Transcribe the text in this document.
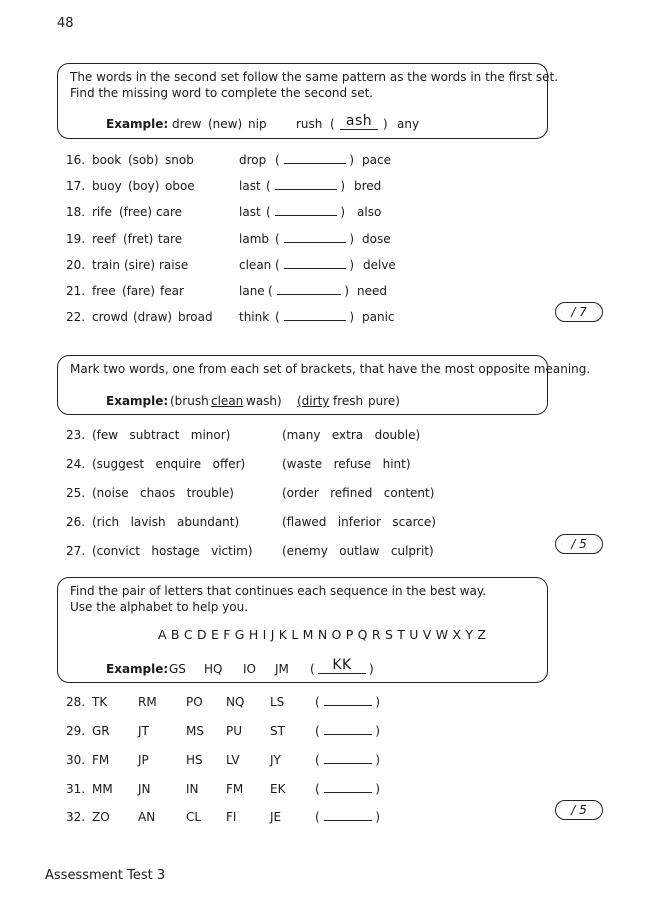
48
The words in the second set follow the same pattern as the words in the first set.
Find the missing word to complete the second set.
Example: drew (new) nip rush ( ash ) any
16. book (sob) snob	drop (	) pace
17. buoy (boy) oboe	last (	) bred
18. rife (free) care	last (	) also
19. reef (fret) tare	lamb (	) dose
20. train (sire) raise	clean (	) delve
21. free (fare) fear	lane (	) need
22. crowd (draw) broad think (	) panic	/ 7
Mark two words, one from each set of brackets, that have the most opposite meaning.
Example: (brush clean wash) (dirty fresh pure)
23. (few   subtract   minor)	(many   extra   double)
24. (suggest   enquire   offer)	(waste   refuse   hint)
25. (noise   chaos   trouble)	(order   refined   content)
26. (rich   lavish   abundant)	(flawed   inferior   scarce)
27. (convict   hostage   victim) (enemy   outlaw   culprit)	/ 5
Find the pair of letters that continues each sequence in the best way.
Use the alphabet to help you.
A B C D E F G H I J K L M N O P Q R S T U V W X Y Z
Example: GS HQ IO JM (	KK	)
28. TK	RM PO NQ LS	(	)
29. GR JT	MS PU ST	(	)
30. FM JP	HS LV	JY	(	)
31. MM JN	IN FM EK (	)
32. ZO AN	CL FI	JE	(	)	/ 5
Assessment Test 3
